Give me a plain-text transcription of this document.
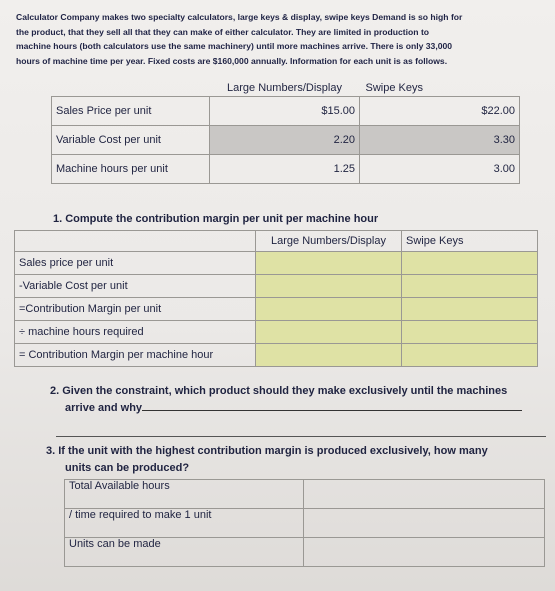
Calculator Company makes two specialty calculators, large keys & display, swipe keys Demand is so high for
the product, that they sell all that they can make of either calculator. They are limited in production to
machine hours (both calculators use the same machinery) until more machines arrive. There is only 33,000
hours of machine time per year. Fixed costs are $160,000 annually. Information for each unit is as follows.
	Large Numbers/Display	Swipe Keys
Sales Price per unit	$15.00	$22.00
Variable Cost per unit	2.20	3.30
Machine hours per unit	1.25	3.00
1. Compute the contribution margin per unit per machine hour
	Large Numbers/Display	Swipe Keys
Sales price per unit		
-Variable Cost per unit		
=Contribution Margin per unit		
÷ machine hours required		
= Contribution Margin per machine hour		
2. Given the constraint, which product should they make exclusively until the machines
arrive and why
3. If the unit with the highest contribution margin is produced exclusively, how many
units can be produced?
Total Available hours	
/ time required to make 1 unit	
Units can be made	
